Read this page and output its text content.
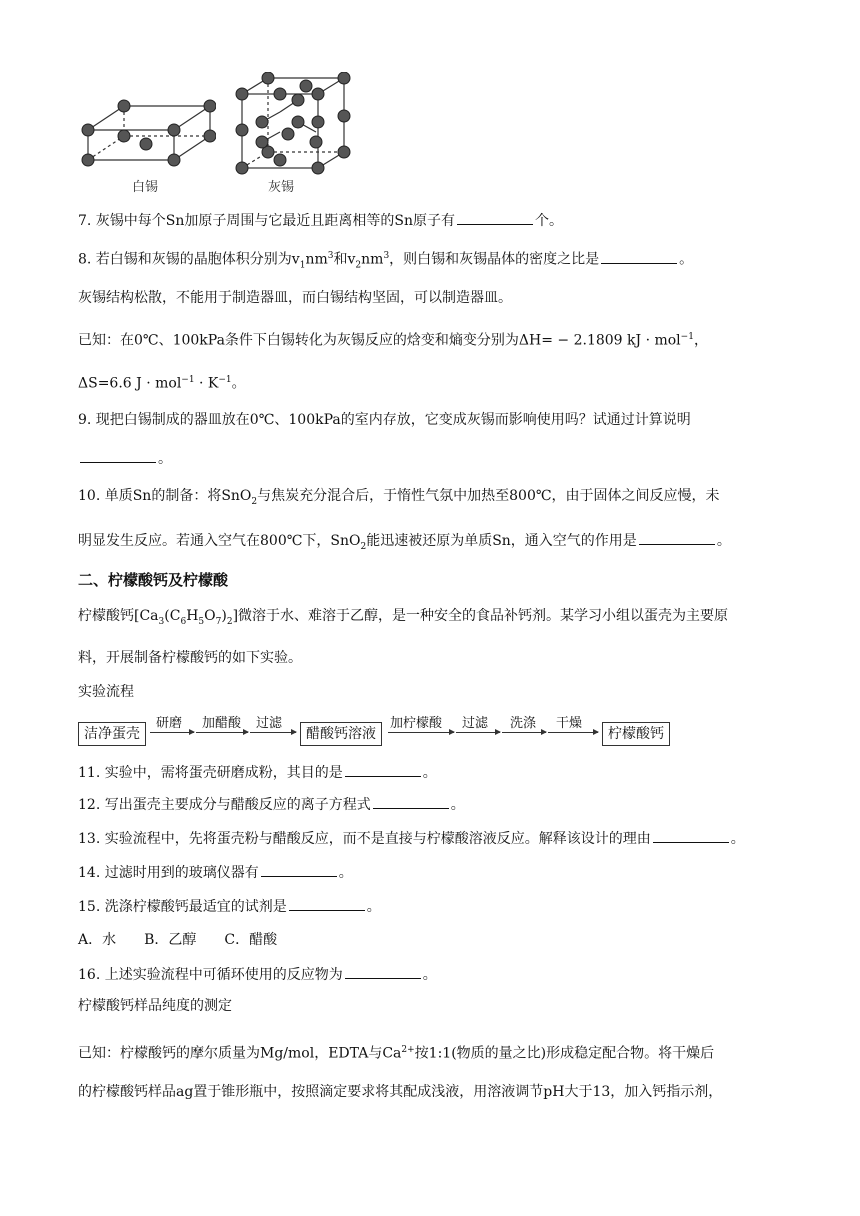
白锡	灰锡
7. 灰锡中每个Sn加原子周围与它最近且距离相等的Sn原子有	个。
8. 若白锡和灰锡的晶胞体积分别为$v_1nm^3$和$v_2nm^3$，则白锡和灰锡晶体的密度之比是	。
灰锡结构松散，不能用于制造器皿，而白锡结构坚固，可以制造器皿。
已知：在0℃、100kPa条件下白锡转化为灰锡反应的焓变和熵变分别为ΔH= − 2.1809 kJ · mol$^{-1}$，
ΔS=6.6 $J \cdot mol^{-1} \cdot K^{-1}$。
9. 现把白锡制成的器皿放在0℃、100kPa的室内存放，它变成灰锡而影响使用吗？试通过计算说明
。
10. 单质Sn的制备：将SnO$_2$与焦炭充分混合后，于惰性气氛中加热至800℃，由于固体之间反应慢，未
明显发生反应。若通入空气在800℃下，SnO$_2$能迅速被还原为单质Sn，通入空气的作用是	。
二、柠檬酸钙及柠檬酸
柠檬酸钙$[Ca_3(C_6H_5O_7)_2]$微溶于水、难溶于乙醇，是一种安全的食品补钙剂。某学习小组以蛋壳为主要原
料，开展制备柠檬酸钙的如下实验。
实验流程
洁净蛋壳
研磨 加醋酸 过滤
醋酸钙溶液
加柠檬酸 过滤 洗涤 干燥
柠檬酸钙
11. 实验中，需将蛋壳研磨成粉，其目的是	。
12. 写出蛋壳主要成分与醋酸反应的离子方程式	。
13. 实验流程中，先将蛋壳粉与醋酸反应，而不是直接与柠檬酸溶液反应。解释该设计的理由	。
14. 过滤时用到的玻璃仪器有	。
15. 洗涤柠檬酸钙最适宜的试剂是	。
A．水　　B．乙醇　　C．醋酸
16. 上述实验流程中可循环使用的反应物为	。
柠檬酸钙样品纯度的测定
已知：柠檬酸钙的摩尔质量为Mg/mol，EDTA与$Ca^{2+}$按1:1(物质的量之比)形成稳定配合物。将干燥后
的柠檬酸钙样品ag置于锥形瓶中，按照滴定要求将其配成浅液，用溶液调节pH大于13，加入钙指示剂，
